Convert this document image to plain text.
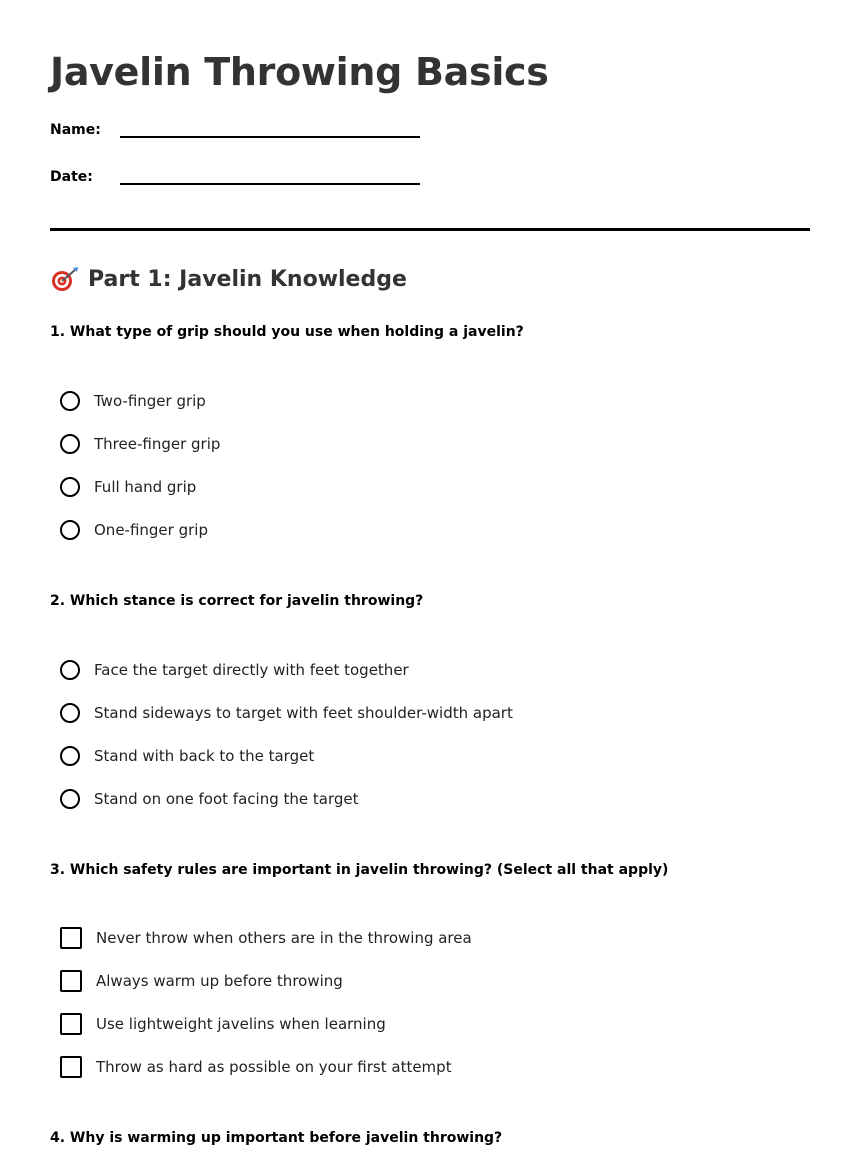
Javelin Throwing Basics
Name:
Date:
Part 1: Javelin Knowledge

1. What type of grip should you use when holding a javelin?

Two-finger grip
Three-finger grip
Full hand grip
One-finger grip

2. Which stance is correct for javelin throwing?

Face the target directly with feet together
Stand sideways to target with feet shoulder-width apart
Stand with back to the target
Stand on one foot facing the target

3. Which safety rules are important in javelin throwing? (Select all that apply)

Never throw when others are in the throwing area
Always warm up before throwing
Use lightweight javelins when learning
Throw as hard as possible on your first attempt

4. Why is warming up important before javelin throwing?
